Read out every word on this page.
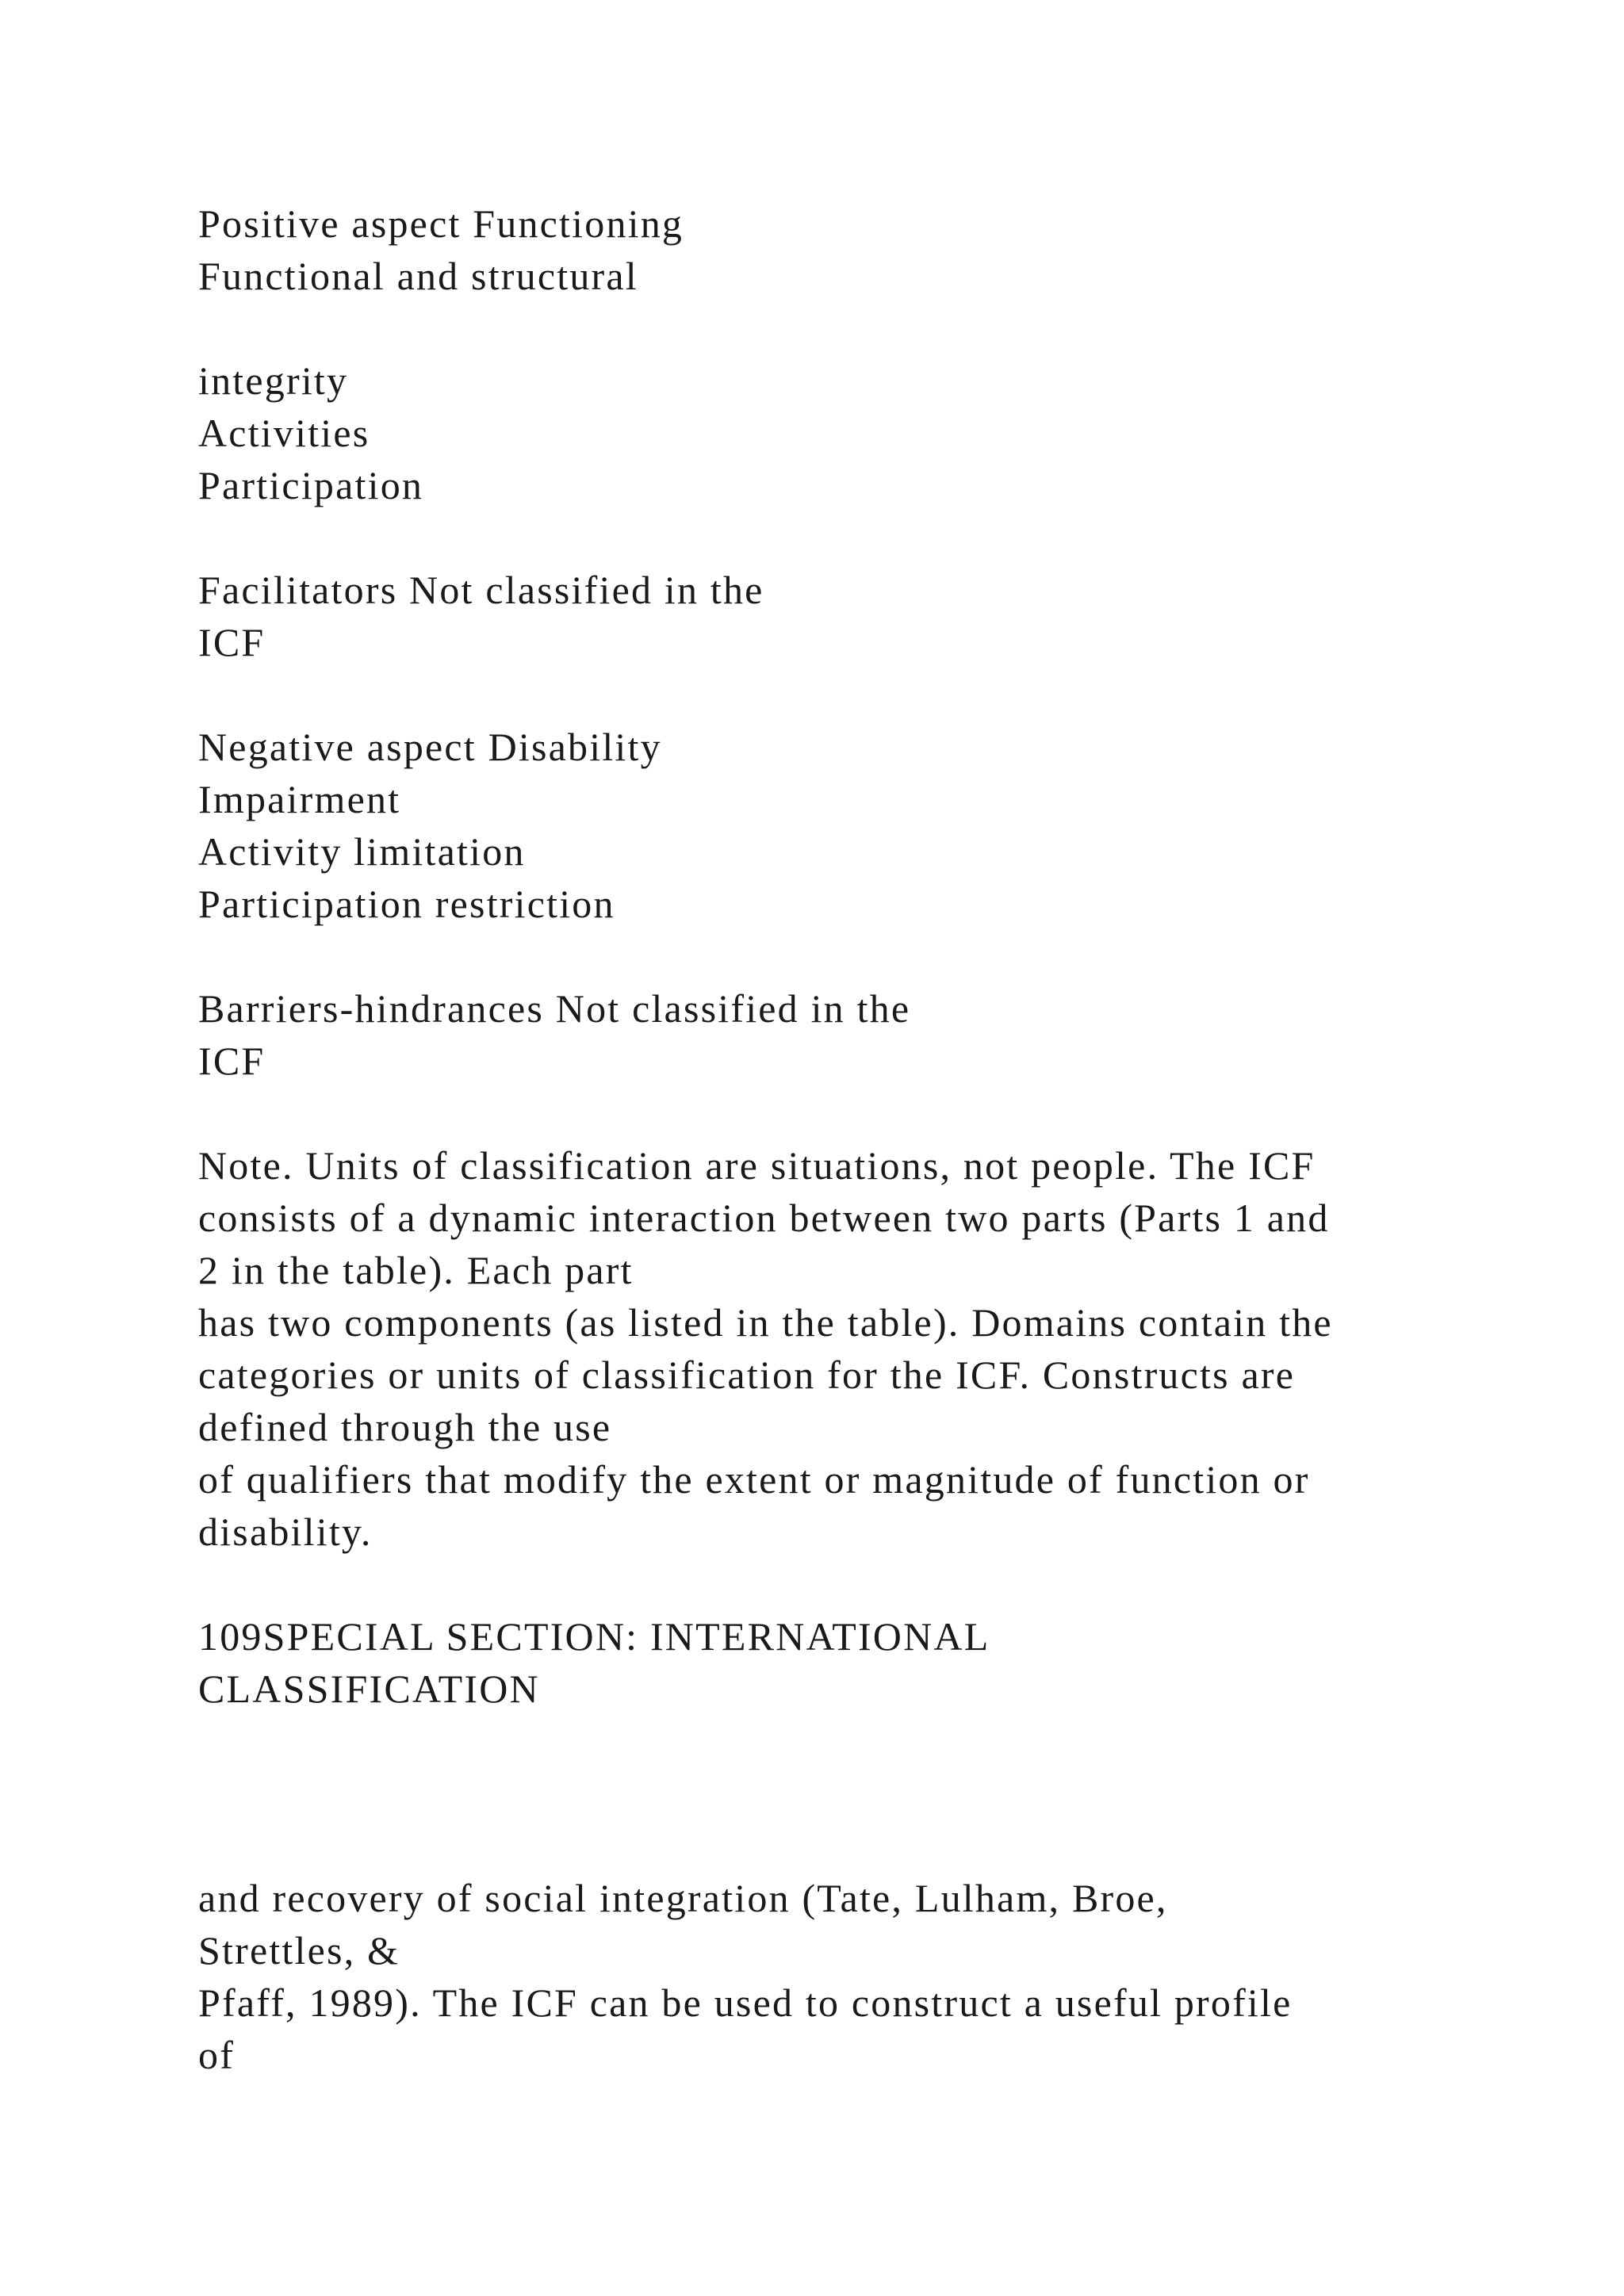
Positive aspect Functioning

Functional and structural

integrity

Activities

Participation

Facilitators Not classified in the

ICF

Negative aspect Disability

Impairment

Activity limitation

Participation restriction

Barriers-hindrances Not classified in the

ICF

Note. Units of classification are situations, not people. The ICF

consists of a dynamic interaction between two parts (Parts 1 and

2 in the table). Each part

has two components (as listed in the table). Domains contain the

categories or units of classification for the ICF. Constructs are

defined through the use

of qualifiers that modify the extent or magnitude of function or

disability.

109SPECIAL SECTION: INTERNATIONAL

CLASSIFICATION

and recovery of social integration (Tate, Lulham, Broe,

Strettles, &

Pfaff, 1989). The ICF can be used to construct a useful profile

of
